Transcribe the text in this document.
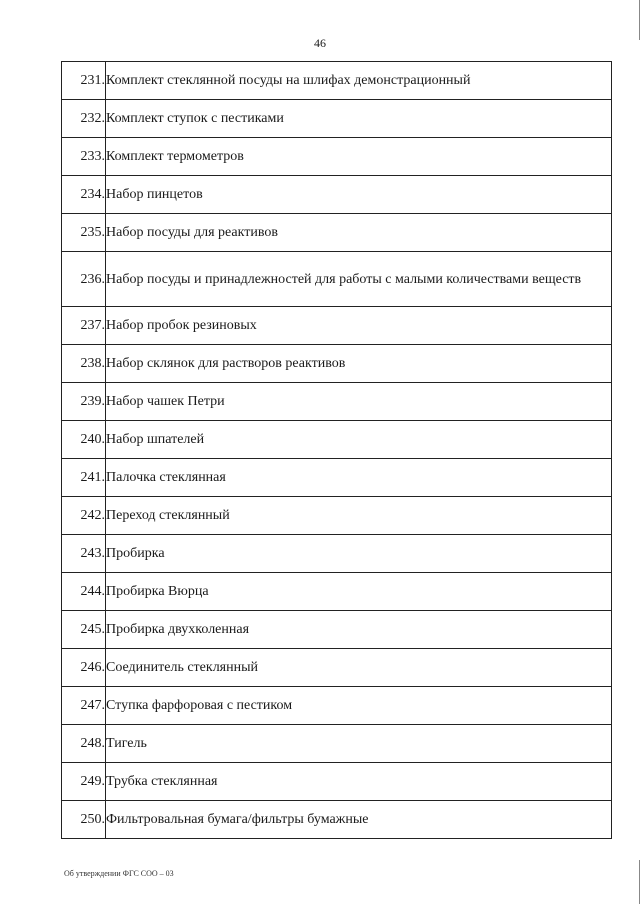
46
231.	Комплект стеклянной посуды на шлифах демонстрационный
232.	Комплект ступок с пестиками
233.	Комплект термометров
234.	Набор пинцетов
235.	Набор посуды для реактивов
236.	Набор посуды и принадлежностей для работы с малыми количествами веществ
237.	Набор пробок резиновых
238.	Набор склянок для растворов реактивов
239.	Набор чашек Петри
240.	Набор шпателей
241.	Палочка стеклянная
242.	Переход стеклянный
243.	Пробирка
244.	Пробирка Вюрца
245.	Пробирка двухколенная
246.	Соединитель стеклянный
247.	Ступка фарфоровая с пестиком
248.	Тигель
249.	Трубка стеклянная
250.	Фильтровальная бумага/фильтры бумажные
Об утверждении ФГС СОО – 03
